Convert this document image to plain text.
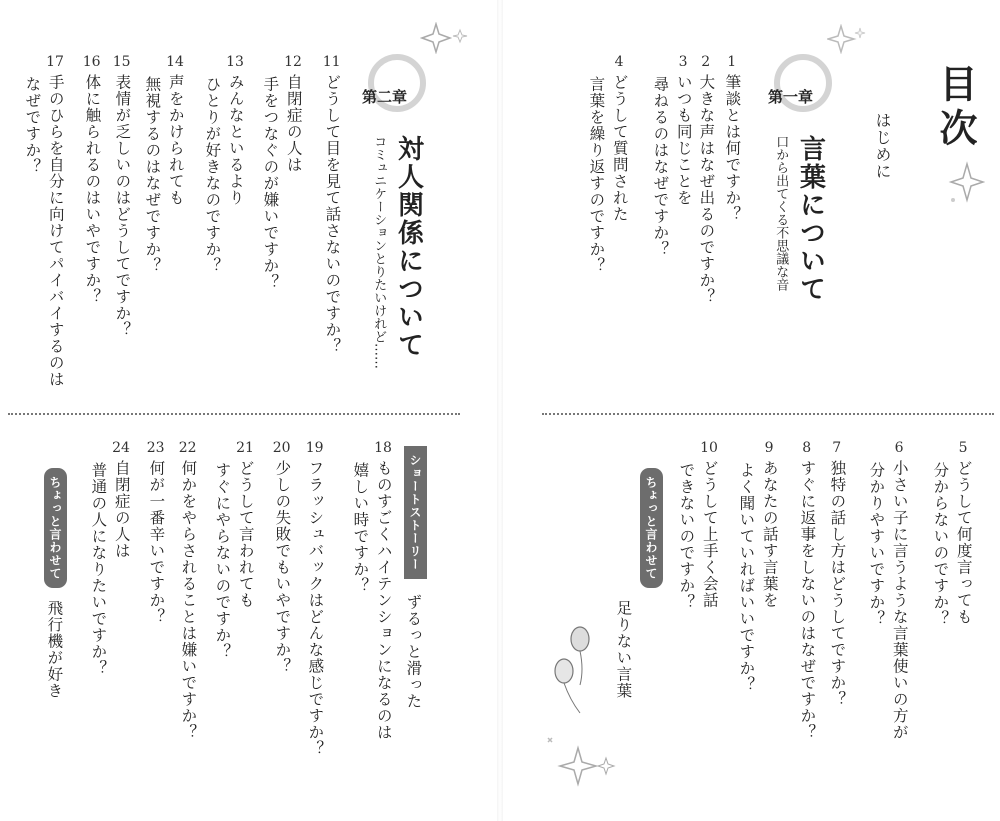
目次
はじめに
第一章
言葉について
口から出てくる不思議な音
1
筆談とは何ですか？
2
大きな声はなぜ出るのですか？
3
いつも同じことを
尋ねるのはなぜですか？
4
どうして質問された
言葉を繰り返すのですか？
5
どうして何度言っても
分からないのですか？
6
小さい子に言うような言葉使いの方が
分かりやすいですか？
7
独特の話し方はどうしてですか？
8
すぐに返事をしないのはなぜですか？
9
あなたの話す言葉を
よく聞いていればいいですか？
10
どうして上手く会話
できないのですか？
ちょっと言わせて
足りない言葉
第二章
対人関係について
コミュニケーションとりたいけれど……
11
どうして目を見て話さないのですか？
12
自閉症の人は
手をつなぐのが嫌いですか？
13
みんなといるより
ひとりが好きなのですか？
14
声をかけられても
無視するのはなぜですか？
15
表情が乏しいのはどうしてですか？
16
体に触られるのはいやですか？
17
手のひらを自分に向けてパイバイするのは
なぜですか？
ショートストーリー
ずるっと滑った
18
ものすごくハイテンションになるのは
嬉しい時ですか？
19
フラッシュバックはどんな感じですか？
20
少しの失敗でもいやですか？
21
どうして言われても
すぐにやらないのですか？
22
何かをやらされることは嫌いですか？
23
何が一番辛いですか？
24
自閉症の人は
普通の人になりたいですか？
ちょっと言わせて
飛行機が好き
